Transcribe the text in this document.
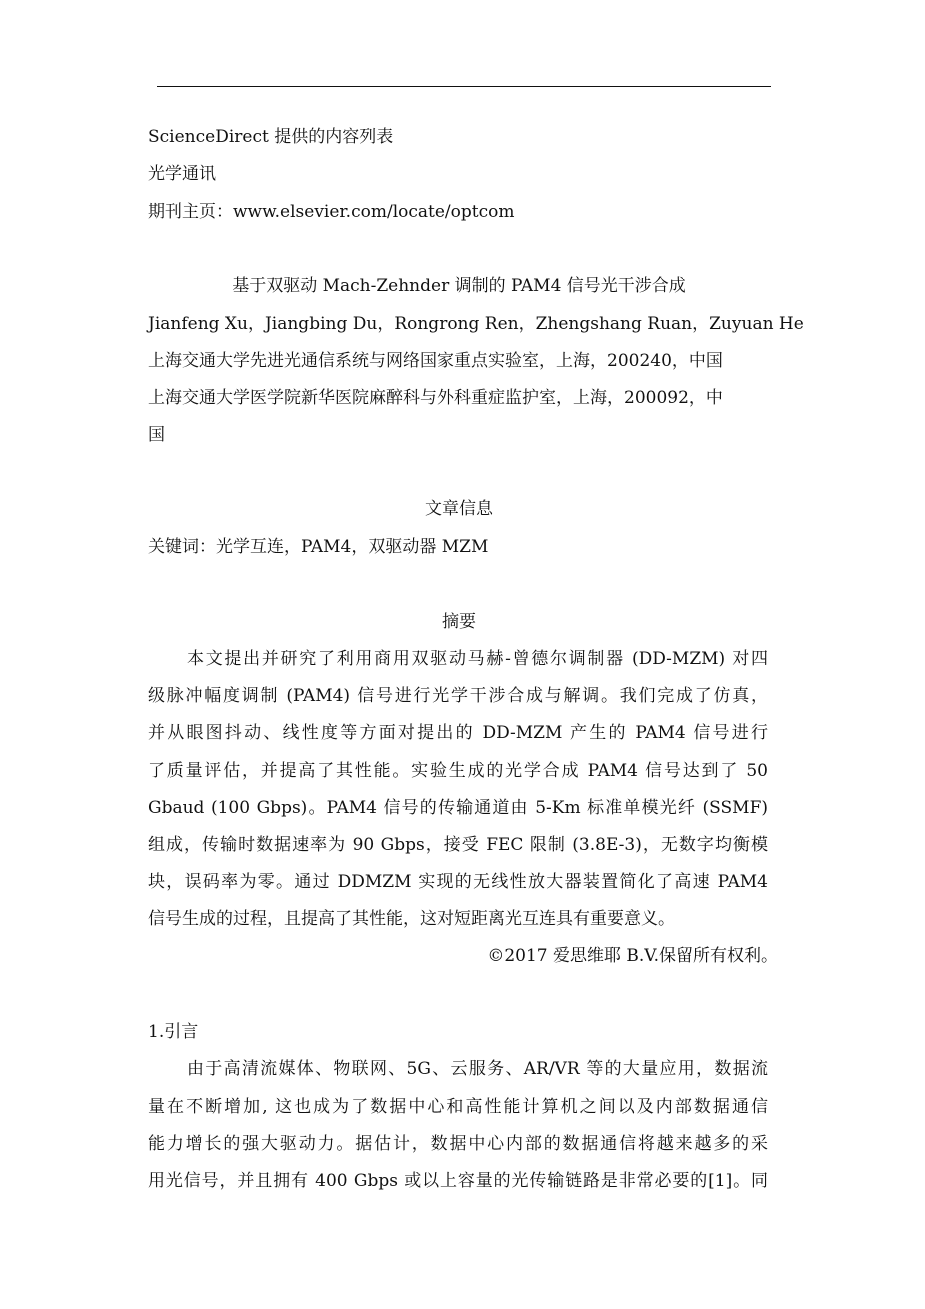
ScienceDirect 提供的内容列表
光学通讯
期刊主页：www.elsevier.com/locate/optcom
基于双驱动 Mach-Zehnder 调制的 PAM4 信号光干涉合成
Jianfeng Xu，Jiangbing Du，Rongrong Ren，Zhengshang Ruan，Zuyuan He
上海交通大学先进光通信系统与网络国家重点实验室，上海，200240，中国
上海交通大学医学院新华医院麻醉科与外科重症监护室，上海，200092，中
国
文章信息
关键词：光学互连，PAM4，双驱动器 MZM
摘要
本文提出并研究了利用商用双驱动马赫-曾德尔调制器 (DD-MZM) 对四
级脉冲幅度调制 (PAM4) 信号进行光学干涉合成与解调。我们完成了仿真，
并从眼图抖动、线性度等方面对提出的 DD-MZM 产生的 PAM4 信号进行
了质量评估，并提高了其性能。实验生成的光学合成 PAM4 信号达到了 50
Gbaud (100 Gbps)。PAM4 信号的传输通道由 5-Km 标准单模光纤 (SSMF)
组成，传输时数据速率为 90 Gbps，接受 FEC 限制 (3.8E-3)，无数字均衡模
块，误码率为零。通过 DDMZM 实现的无线性放大器装置简化了高速 PAM4
信号生成的过程，且提高了其性能，这对短距离光互连具有重要意义。
©2017 爱思维耶 B.V.保留所有权利。
1.引言
由于高清流媒体、物联网、5G、云服务、AR/VR 等的大量应用，数据流
量在不断增加, 这也成为了数据中心和高性能计算机之间以及内部数据通信
能力增长的强大驱动力。据估计，数据中心内部的数据通信将越来越多的采
用光信号，并且拥有 400 Gbps 或以上容量的光传输链路是非常必要的[1]。同
